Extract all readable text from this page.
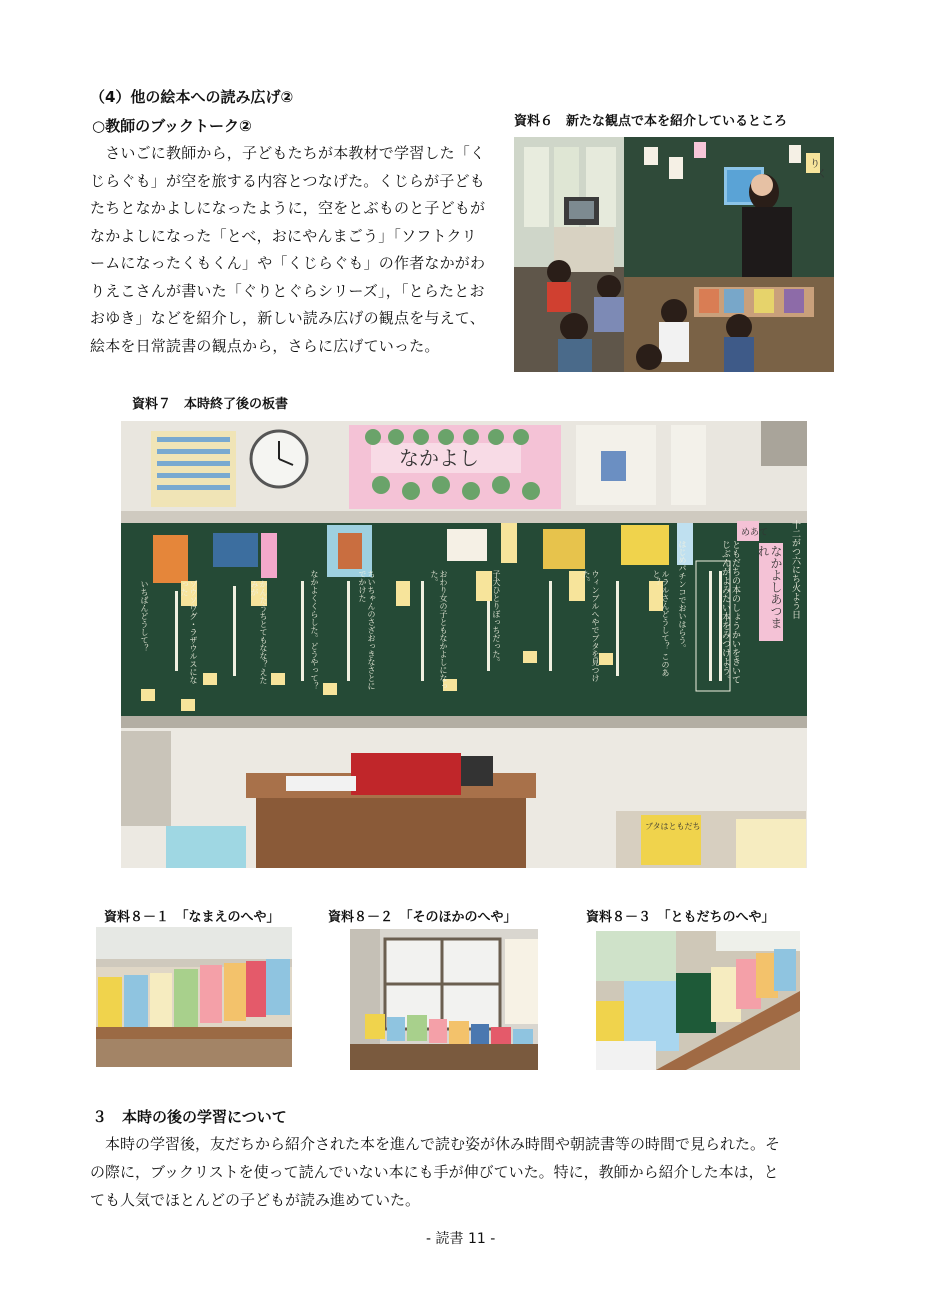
（4）他の絵本への読み広げ②
○教師のブックトーク②
　さいごに教師から，子どもたちが本教材で学習した「く
じらぐも」が空を旅する内容とつなげた。くじらが子ども
たちとなかよしになったように，空をとぶものと子どもが
なかよしになった「とべ，おにやんまごう」「ソフトクリ
ームになったくもくん」や「くじらぐも」の作者なかがわ
りえこさんが書いた「ぐりとぐらシリーズ」，「とらたとお
おゆき」などを紹介し，新しい読み広げの観点を与えて、
絵本を日常読書の観点から，さらに広げていった。
資料６　新たな観点で本を紹介しているところ
り
資料７　本時終了後の板書
なかよし
めあて
ブタはともだち
資料８－１　「なまえのへや」	資料８－２　「そのほかのへや」	資料８－３　「ともだちのへや」
３　本時の後の学習について
　本時の学習後，友だちから紹介された本を進んで読む姿が休み時間や朝読書等の時間で見られた。そ
の際に，ブックリストを使って読んでいない本にも手が伸びていた。特に，教師から紹介した本は，と
ても人気でほとんどの子どもが読み進めていた。
- 読書 11 -
十二がつ六にち火よう日
なかよしあつまれ
ともだちの本のしょうかいをきいて じぶんがよみたい本をみつけよう。
はじめパチンコでおいはらう。
ルラルさんどうして？ このあと？
ウィンブルへやでブタを見つけた。
子犬ひとりぼっちだった。
おわり女の子ともなかよしになった。
ちいちゃんのさざおっきなさとにでかけた
なかよくくらした。どうやって？
かんたうちとてもなな？えたみが
ゾウソウグ・ラザウルスになった
いちばんどうして？
く
